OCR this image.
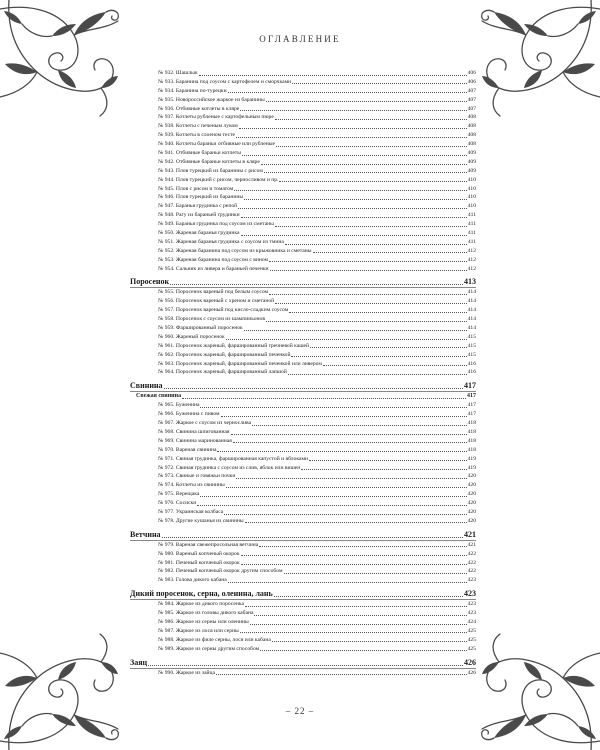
ОГЛАВЛЕНИЕ
№ 932. Шашлык	406
№ 933. Баранина под соусом с картофелем и сморчками	406
№ 934. Баранина по-турецки	407
№ 935. Новороссийское жаркое из баранины	407
№ 936. Отбивные котлеты в кляре	407
№ 937. Котлеты рубленые с картофельным пюре	408
№ 938. Котлеты с печеным луком	408
№ 939. Котлеты в слоеном тесте	408
№ 940. Котлеты бараньи отбивные или рубленые	408
№ 941. Отбивные бараньи котлеты	409
№ 942. Отбивные бараньи котлеты в кляре	409
№ 943. Плов турецкий из баранины с рисом	409
№ 944. Плов турецкий с рисом, черносливом и пр.	410
№ 945. Плов с рисом и томатом	410
№ 946. Плов турецкий из баранины	410
№ 947. Баранья грудинка с репой	410
№ 948. Рагу из бараньей грудинки	411
№ 949. Баранья грудинка под соусом из сметаны	411
№ 950. Жареная баранья грудинка	411
№ 951. Жареная баранья грудинка с соусом из тмина	411
№ 952. Жареная баранина под соусом из крыжовника и сметаны	412
№ 953. Жареная баранина под соусом с вином	412
№ 954. Сальник из ливера и бараньей печенки	412
Поросенок	413
№ 955. Поросенок вареный под белым соусом	414
№ 956. Поросенок вареный с хреном и сметаной	414
№ 957. Поросенок вареный под кисло-сладким соусом	414
№ 958. Поросенок с соусом из шампиньонов	414
№ 959. Фаршированный поросенок	414
№ 960. Жареный поросенок	415
№ 961. Поросенок жареный, фаршированный гречневой кашей	415
№ 962. Поросенок жареный, фаршированный печенкой	415
№ 963. Поросенок жареный, фаршированный печенкой или ливером	416
№ 964. Поросенок жареный, фаршированный лапшой	416
Свинина	417
Свежая свинина	417
№ 965. Буженина	417
№ 966. Буженина с пивом	417
№ 967. Жаркое с соусом из чернослива	418
№ 968. Свинина шпигованная	418
№ 969. Свинина маринованная	418
№ 970. Вареная свинина	418
№ 971. Свиная грудинка, фаршированная капустой и яблоками	419
№ 972. Свиная грудинка с соусом из слив, яблок или вишен	419
№ 973. Свиные и говяжьи почки	420
№ 974. Котлеты из свинины	420
№ 975. Верещака	420
№ 976. Сосиски	420
№ 977. Украинская колбаса	420
№ 978. Другие кушанья из свинины	420
Ветчина	421
№ 979. Вареная свежепросольная ветчина	421
№ 980. Вареный копченый окорок	422
№ 981. Печеный копченый окорок	422
№ 982. Печеный копченый окорок другим способом	422
№ 983. Голова дикого кабана	423
Дикий поросенок, серна, оленина, лань	423
№ 984. Жаркое из дикого поросенка	423
№ 985. Жаркое из головы дикого кабана	423
№ 986. Жаркое из серны или оленины	424
№ 987. Жаркое из лося или серны	425
№ 988. Жаркое из филе серны, лося или кабана	425
№ 989. Жаркое из серны другим способом	425
Заяц	426
№ 990. Жаркое из зайца	426
– 22 –
